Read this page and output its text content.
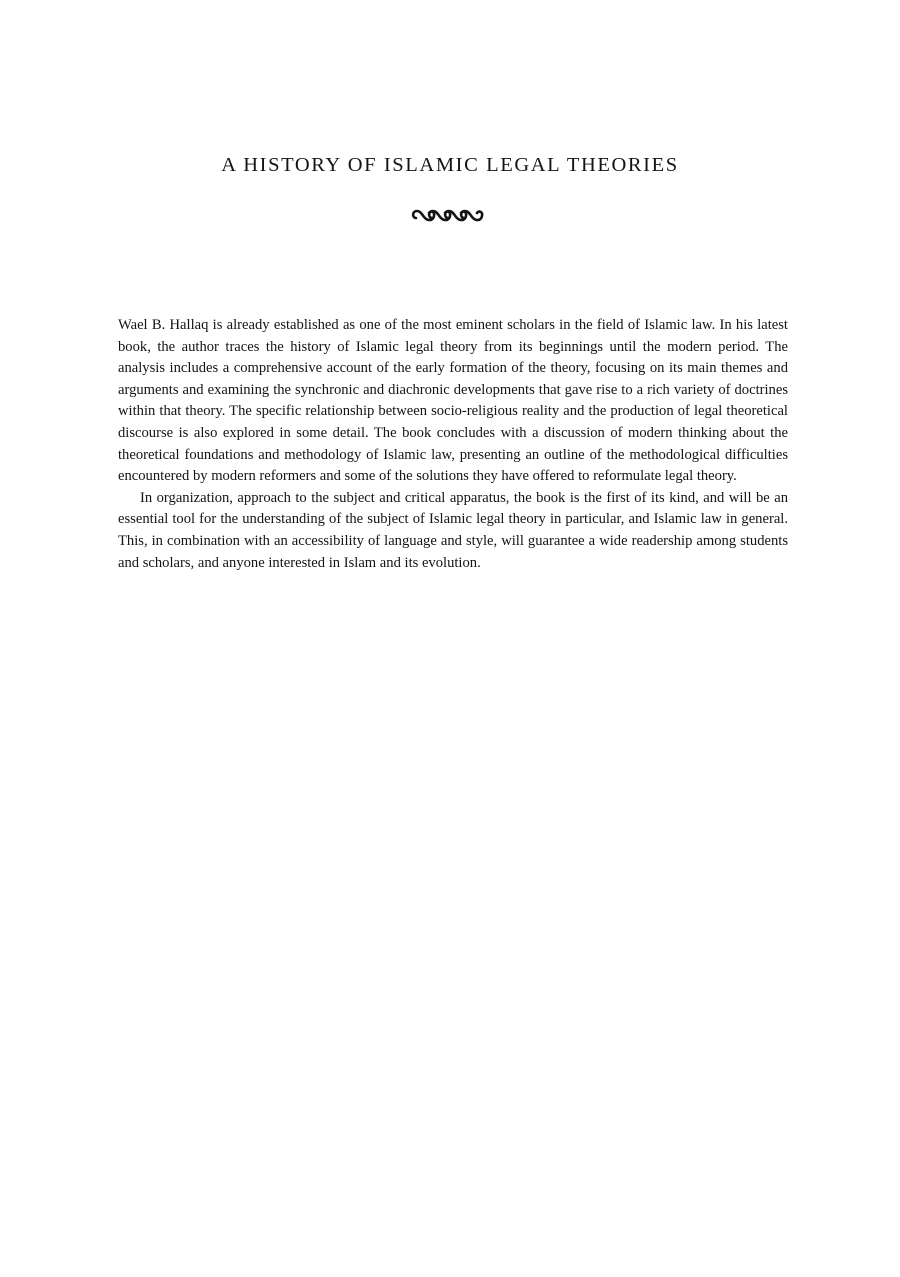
A HISTORY OF ISLAMIC LEGAL THEORIES

Wael B. Hallaq is already established as one of the most eminent scholars in the field of Islamic law. In his latest book, the author traces the history of Islamic legal theory from its beginnings until the modern period. The analysis includes a comprehensive account of the early formation of the theory, focusing on its main themes and arguments and examining the synchronic and diachronic developments that gave rise to a rich variety of doctrines within that theory. The specific relationship between socio-religious reality and the production of legal theoretical discourse is also explored in some detail. The book concludes with a discussion of modern thinking about the theoretical foundations and methodology of Islamic law, presenting an outline of the methodological difficulties encountered by modern reformers and some of the solutions they have offered to reformulate legal theory.

In organization, approach to the subject and critical apparatus, the book is the first of its kind, and will be an essential tool for the understanding of the subject of Islamic legal theory in particular, and Islamic law in general. This, in combination with an accessibility of language and style, will guarantee a wide readership among students and scholars, and anyone interested in Islam and its evolution.
